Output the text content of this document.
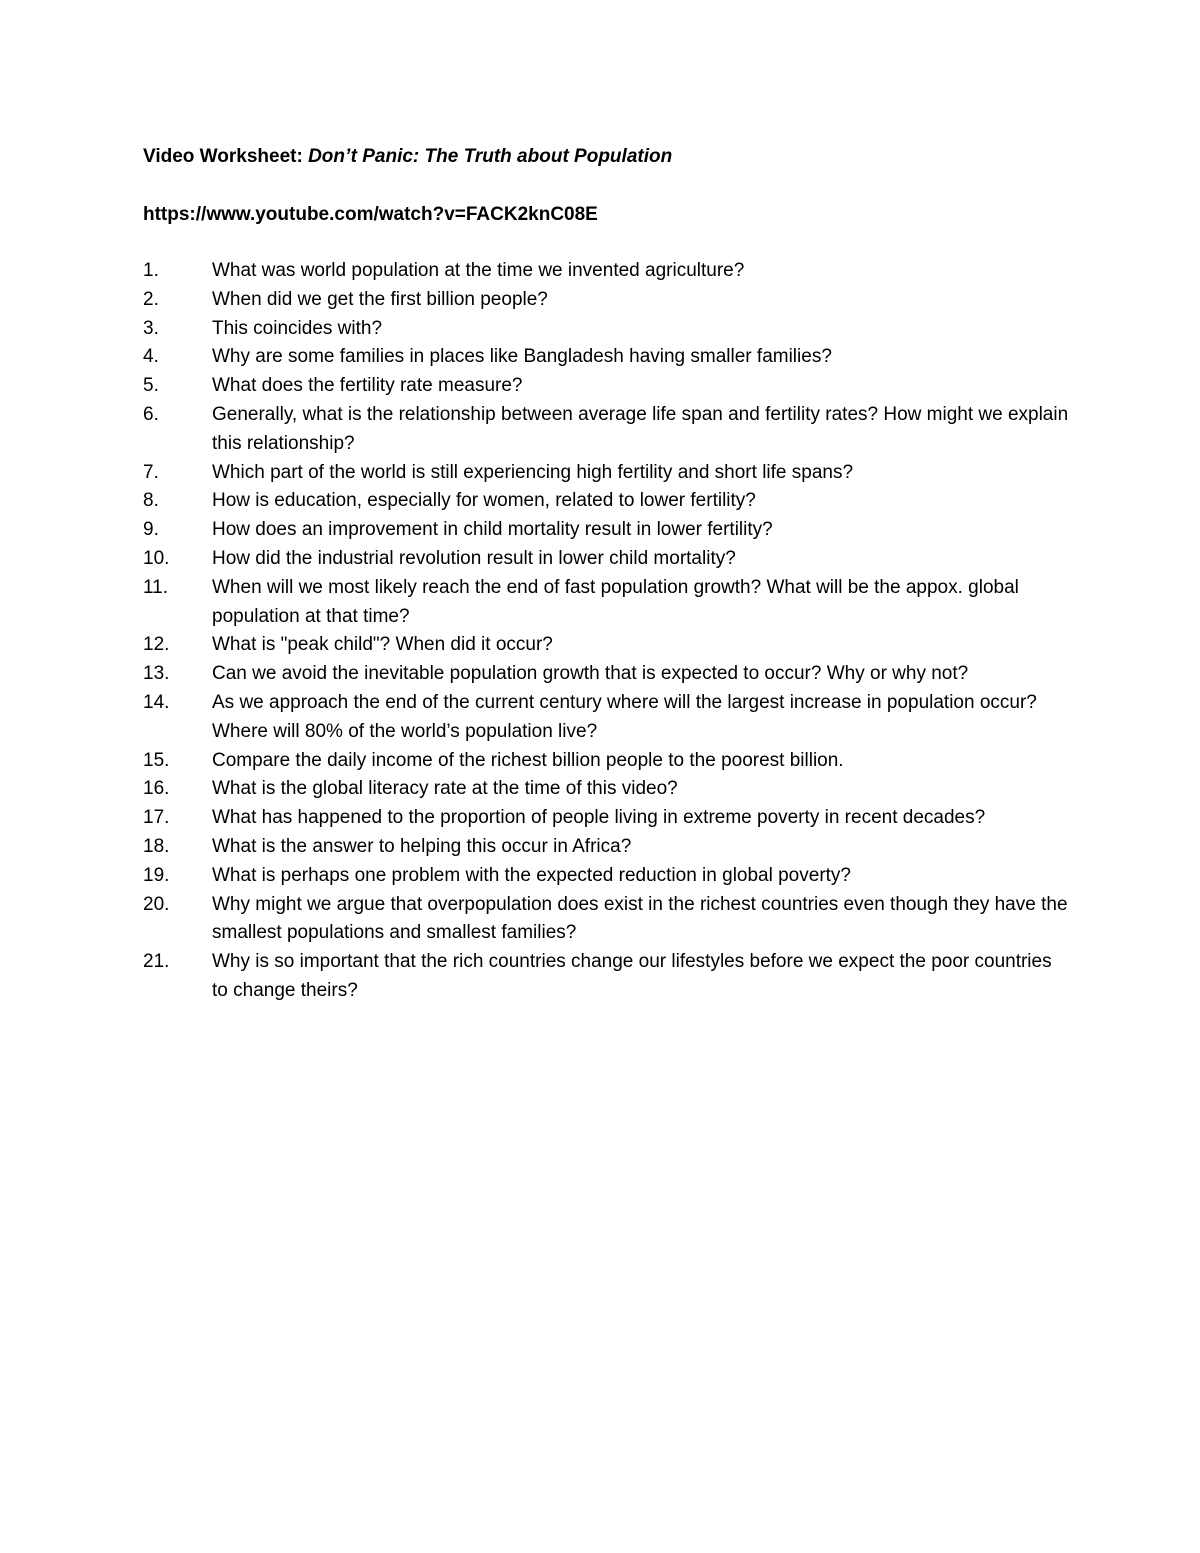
Video Worksheet: Don’t Panic: The Truth about Population
https://www.youtube.com/watch?v=FACK2knC08E
1.	What was world population at the time we invented agriculture?
2.	When did we get the first billion people?
3.	This coincides with?
4.	Why are some families in places like Bangladesh having smaller families?
5.	What does the fertility rate measure?
6.	Generally, what is the relationship between average life span and fertility rates? How might we explain this relationship?
7.	Which part of the world is still experiencing high fertility and short life spans?
8.	How is education, especially for women, related to lower fertility?
9.	How does an improvement in child mortality result in lower fertility?
10.	How did the industrial revolution result in lower child mortality?
11.	When will we most likely reach the end of fast population growth? What will be the appox. global population at that time?
12.	What is "peak child"? When did it occur?
13.	Can we avoid the inevitable population growth that is expected to occur? Why or why not?
14.	As we approach the end of the current century where will the largest increase in population occur? Where will 80% of the world’s population live?
15.	Compare the daily income of the richest billion people to the poorest billion.
16.	What is the global literacy rate at the time of this video?
17.	What has happened to the proportion of people living in extreme poverty in recent decades?
18.	What is the answer to helping this occur in Africa?
19.	What is perhaps one problem with the expected reduction in global poverty?
20.	Why might we argue that overpopulation does exist in the richest countries even though they have the smallest populations and smallest families?
21.	Why is so important that the rich countries change our lifestyles before we expect the poor countries to change theirs?
